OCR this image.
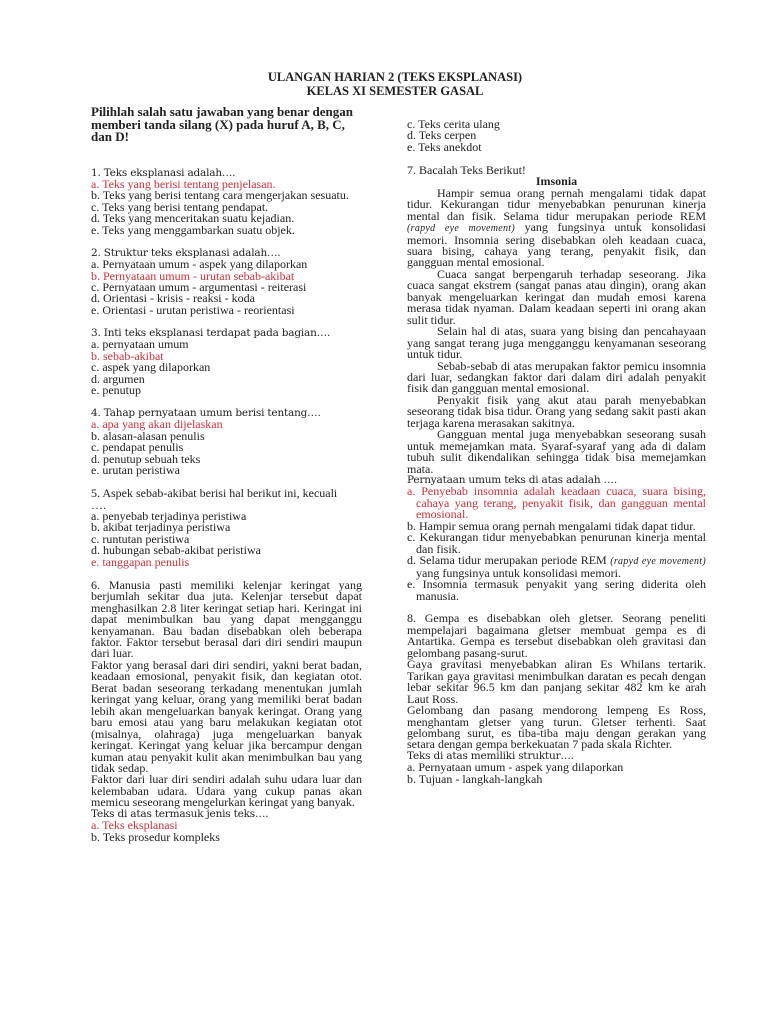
ULANGAN HARIAN 2 (TEKS EKSPLANASI)
KELAS XI SEMESTER GASAL
Pilihlah salah satu jawaban yang benar dengan memberi tanda silang (X) pada huruf A, B, C, dan D!
1. Teks eksplanasi adalah….
a. Teks yang berisi tentang penjelasan.
b. Teks yang berisi tentang cara mengerjakan sesuatu.
c. Teks yang berisi tentang pendapat.
d. Teks yang menceritakan suatu kejadian.
e. Teks yang menggambarkan suatu objek.
2. Struktur teks eksplanasi adalah….
a. Pernyataan umum - aspek yang dilaporkan
b. Pernyataan umum - urutan sebab-akibat
c. Pernyataan umum - argumentasi - reiterasi
d. Orientasi - krisis - reaksi - koda
e. Orientasi - urutan peristiwa - reorientasi
3. Inti teks eksplanasi terdapat pada bagian….
a. pernyataan umum
b. sebab-akibat
c. aspek yang dilaporkan
d. argumen
e. penutup
4. Tahap pernyataan umum berisi tentang….
a. apa yang akan dijelaskan
b. alasan-alasan penulis
c. pendapat penulis
d. penutup sebuah teks
e. urutan peristiwa
5. Aspek sebab-akibat berisi hal berikut ini, kecuali ….
a. penyebab terjadinya peristiwa
b. akibat terjadinya peristiwa
c. runtutan peristiwa
d. hubungan sebab-akibat peristiwa
e. tanggapan penulis
6. Manusia pasti memiliki kelenjar keringat yang berjumlah sekitar dua juta. Kelenjar tersebut dapat menghasilkan 2.8 liter keringat setiap hari. Keringat ini dapat menimbulkan bau yang dapat mengganggu kenyamanan. Bau badan disebabkan oleh beberapa faktor. Faktor tersebut berasal dari diri sendiri maupun dari luar.
Faktor yang berasal dari diri sendiri, yakni berat badan, keadaan emosional, penyakit fisik, dan kegiatan otot. Berat badan seseorang terkadang menentukan jumlah keringat yang keluar, orang yang memiliki berat badan lebih akan mengeluarkan banyak keringat. Orang yang baru emosi atau yang baru melakukan kegiatan otot (misalnya, olahraga) juga mengeluarkan banyak keringat. Keringat yang keluar jika bercampur dengan kuman atau penyakit kulit akan menimbulkan bau yang tidak sedap.
Faktor dari luar diri sendiri adalah suhu udara luar dan kelembaban udara. Udara yang cukup panas akan memicu seseorang mengelurkan keringat yang banyak.
Teks di atas termasuk jenis teks….
a. Teks eksplanasi
b. Teks prosedur kompleks
c. Teks cerita ulang
d. Teks cerpen
e. Teks anekdot
7. Bacalah Teks Berikut!
Imsonia
Hampir semua orang pernah mengalami tidak dapat tidur. Kekurangan tidur menyebabkan penurunan kinerja mental dan fisik. Selama tidur merupakan periode REM (rapyd eye movement) yang fungsinya untuk konsolidasi memori. Insomnia sering disebabkan oleh keadaan cuaca, suara bising, cahaya yang terang, penyakit fisik, dan gangguan mental emosional.
Cuaca sangat berpengaruh terhadap seseorang. Jika cuaca sangat ekstrem (sangat panas atau dingin), orang akan banyak mengeluarkan keringat dan mudah emosi karena merasa tidak nyaman. Dalam keadaan seperti ini orang akan sulit tidur.
Selain hal di atas, suara yang bising dan pencahayaan yang sangat terang juga mengganggu kenyamanan seseorang untuk tidur.
Sebab-sebab di atas merupakan faktor pemicu insomnia dari luar, sedangkan faktor dari dalam diri adalah penyakit fisik dan gangguan mental emosional.
Penyakit fisik yang akut atau parah menyebabkan seseorang tidak bisa tidur. Orang yang sedang sakit pasti akan terjaga karena merasakan sakitnya.
Gangguan mental juga menyebabkan seseorang susah untuk memejamkan mata. Syaraf-syaraf yang ada di dalam tubuh sulit dikendalikan sehingga tidak bisa memejamkan mata.
Pernyataan umum teks di atas adalah ….
a. Penyebab insomnia adalah keadaan cuaca, suara bising, cahaya yang terang, penyakit fisik, dan gangguan mental emosional.
b. Hampir semua orang pernah mengalami tidak dapat tidur.
c. Kekurangan tidur menyebabkan penurunan kinerja mental dan fisik.
d. Selama tidur merupakan periode REM (rapyd eye movement) yang fungsinya untuk konsolidasi memori.
e. Insomnia termasuk penyakit yang sering diderita oleh manusia.
8. Gempa es disebabkan oleh gletser. Seorang peneliti mempelajari bagaimana gletser membuat gempa es di Antartika. Gempa es tersebut disebabkan oleh gravitasi dan gelombang pasang-surut.
Gaya gravitasi menyebabkan aliran Es Whilans tertarik. Tarikan gaya gravitasi menimbulkan daratan es pecah dengan lebar sekitar 96.5 km dan panjang sekitar 482 km ke arah Laut Ross.
Gelombang dan pasang mendorong lempeng Es Ross, menghantam gletser yang turun. Gletser terhenti. Saat gelombang surut, es tiba-tiba maju dengan gerakan yang setara dengan gempa berkekuatan 7 pada skala Richter.
Teks di atas memiliki struktur….
a. Pernyataan umum - aspek yang dilaporkan
b. Tujuan - langkah-langkah
